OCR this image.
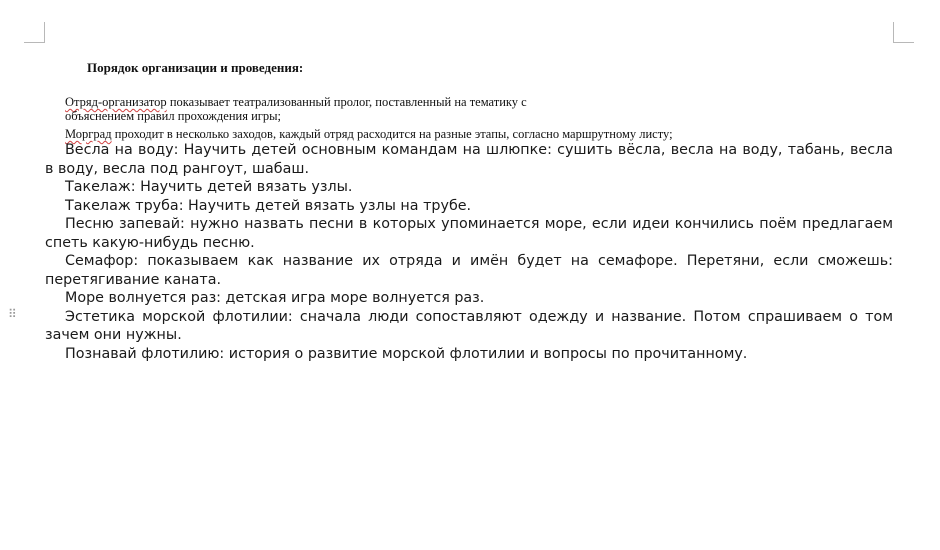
⠿
Порядок организации и проведения:
Отряд-организатор показывает театрализованный пролог, поставленный на тематику с
объяснением правил прохождения игры;
Моргpад проходит в несколько заходов, каждый отряд расходится на разные этапы, согласно маршрутному листу;

Весла на воду: Научить детей основным командам на шлюпке: сушить вёсла, весла на воду, табань, весла в воду, весла под рангоут, шабаш.

Такелаж: Научить детей вязать узлы.

Такелаж труба: Научить детей вязать узлы на трубе.

Песню запевай: нужно назвать песни в которых упоминается море, если идеи кончились поём предлагаем спеть какую-нибудь песню.

Семафор: показываем как название их отряда и имён будет на семафоре. Перетяни, если сможешь: перетягивание каната.

Море волнуется раз: детская игра море волнуется раз.

Эстетика морской флотилии: сначала люди сопоставляют одежду и название. Потом спрашиваем о том зачем они нужны.

Познавай флотилию: история о развитие морской флотилии и вопросы по прочитанному.
